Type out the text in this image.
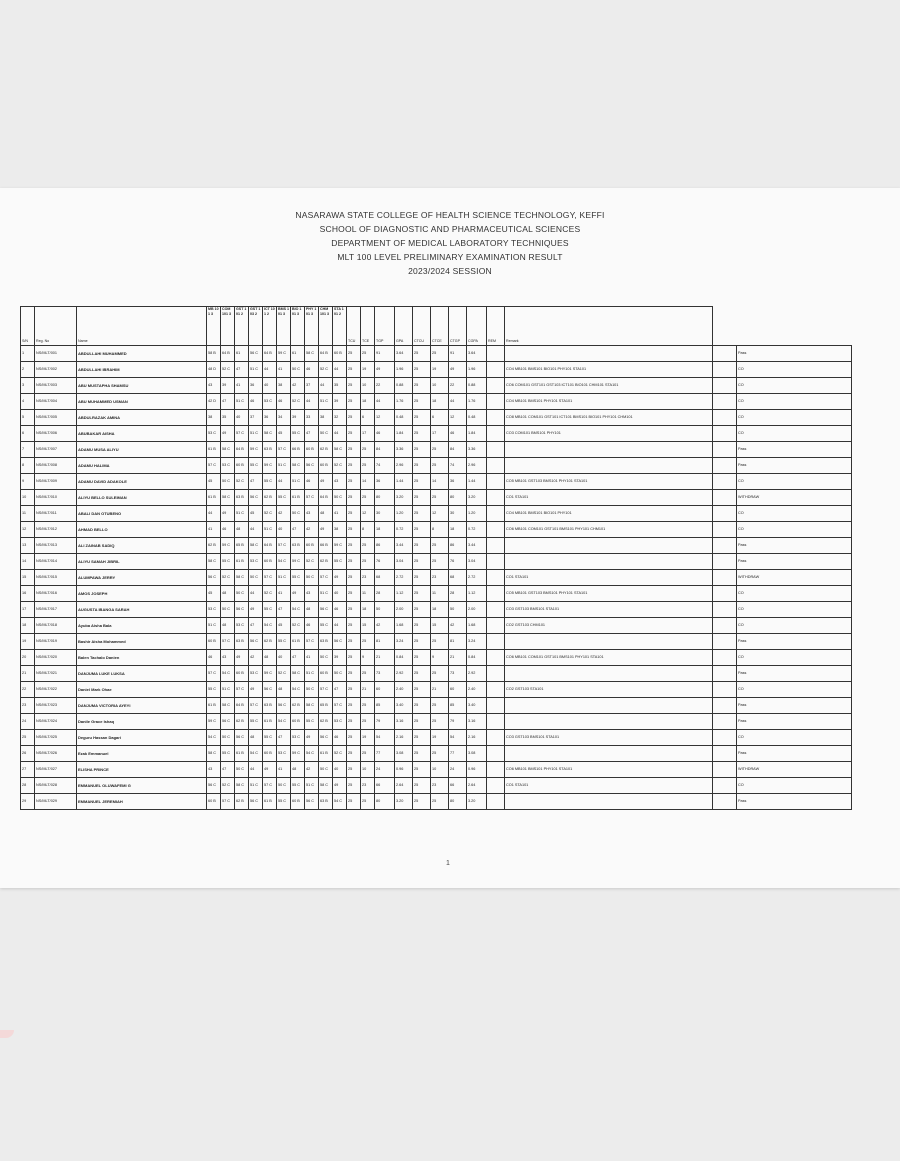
NASARAWA STATE COLLEGE OF HEALTH SCIENCE TECHNOLOGY, KEFFI
SCHOOL OF DIAGNOSTIC AND PHARMACEUTICAL SCIENCES
DEPARTMENT OF MEDICAL LABORATORY TECHNIQUES
MLT 100 LEVEL PRELIMINARY EXAMINATION RESULT
2023/2024 SESSION
S/N	Reg. No	Name	MB 101 3	COM 101 3	GST 101 2	GST 103 2	ICT 101 2	BMS 101 3	BIO 101 3	PHY 101 3	CHM 101 3	STA 101 2	TCU	TCE	TGP	GPA	CTCU	CTCE	CTGP	CGPA	REM	Remark		
1	NS/MLT/001	ABDULLAHI MUHAMMED	58 B	64 B	61	56 C	64 B	59 C	61	58 C	64 B	60 B	25	25	91	3.64	25	25	91	3.64				Pass
2	NS/MLT/002	ABDULLAHI IBRAHIM	48 D	52 C	47	51 C	44	41	50 C	46	52 C	44	25	19	49	1.96	25	19	49	1.96		CO4 MB101 BMS101 BIO101 PHY101 STA101		CO
3	NS/MLT/003	ABU MUSTAPHA SHAMSU	43	39	41	36	40	38	42	37	44	35	25	10	22	0.88	25	10	22	0.88		CO6 COM101 GST101 GST103 ICT101 BIO101 CHM101 STA101		CO
4	NS/MLT/004	ABU MUHAMMED USMAN	42 D	47	51 C	46	53 C	46	52 C	44	51 C	39	25	18	44	1.76	25	18	44	1.76		CO4 MB101 BMS101 PHY101 STA101		CO
5	NS/MLT/005	ABDULRAZAK AMINA	38	35	40	37	36	34	39	33	38	32	25	6	12	0.48	25	6	12	0.48		CO8 MB101 COM101 GST101 ICT101 BMS101 BIO101 PHY101 CHM101		CO
6	NS/MLT/006	ABUBAKAR AISHA	53 C	49	57 C	51 C	58 C	45	55 C	47	50 C	44	25	17	46	1.84	25	17	46	1.84		CO3 COM101 BMS101 PHY101		CO
7	NS/MLT/007	ADAMU MUSA ALIYU	61 B	58 C	64 B	59 C	63 B	57 C	66 B	60 B	62 B	58 C	25	25	84	3.36	25	25	84	3.36				Pass
8	NS/MLT/008	ADAMU HALIMA	57 C	53 C	60 B	55 C	59 C	51 C	58 C	56 C	60 B	52 C	25	25	74	2.96	25	25	74	2.96				Pass
9	NS/MLT/009	ADAMU DAVID ADAKOLE	45	50 C	52 C	47	55 C	44	51 C	46	49	43	25	14	36	1.44	25	14	36	1.44		CO5 MB101 GST103 BMS101 PHY101 STA101		CO
10	NS/MLT/010	ALIYU BELLO SULEIMAN	61 B	58 C	63 B	56 C	62 B	55 C	61 B	57 C	64 B	50 C	25	25	80	3.20	25	25	80	3.20		CO1 STA101		WITHDRAW
11	NS/MLT/011	ABALI DAN OTUBENO	44	49	51 C	45	52 C	42	50 C	43	48	41	25	12	30	1.20	25	12	30	1.20		CO4 MB101 BMS101 BIO101 PHY101		CO
12	NS/MLT/012	AHMAD BELLO	41	46	48	44	51 C	40	47	42	49	38	25	8	18	0.72	25	8	18	0.72		CO6 MB101 COM101 GST101 BMS101 PHY101 CHM101		CO
13	NS/MLT/013	ALI ZAINAB SADIQ	62 B	59 C	65 B	58 C	64 B	57 C	63 B	60 B	66 B	59 C	25	25	86	3.44	25	25	86	3.44				Pass
14	NS/MLT/014	ALIYU SAMAH JIBRIL	58 C	55 C	61 B	53 C	60 B	54 C	59 C	52 C	62 B	55 C	25	25	76	3.04	25	25	76	3.04				Pass
15	NS/MLT/015	ALUMPAWA JERRY	56 C	52 C	58 C	50 C	57 C	51 C	55 C	50 C	57 C	49	25	23	68	2.72	25	23	68	2.72		CO1 STA101		WITHDRAW
16	NS/MLT/016	AMOS JOSEPH	45	48	50 C	44	52 C	41	49	43	51 C	40	25	11	28	1.12	25	11	28	1.12		CO5 MB101 GST103 BMS101 PHY101 STA101		CO
17	NS/MLT/017	AUGUSTA IBANGA SARAH	53 C	50 C	56 C	49	55 C	47	54 C	48	56 C	46	25	18	50	2.00	25	18	50	2.00		CO3 GST103 BMS101 STA101		CO
18	NS/MLT/018	Ayuba Aisha Bala	51 C	48	53 C	47	54 C	45	52 C	46	55 C	44	25	15	42	1.68	25	15	42	1.68		CO2 GST103 CHM101		CO
19	NS/MLT/019	Bashir Aisha Mohammed	60 B	57 C	63 B	56 C	62 B	55 C	61 B	57 C	63 B	56 C	25	25	81	3.24	25	25	81	3.24				Pass
20	NS/MLT/020	Balen Tachalo Danien	46	43	49	42	48	40	47	41	50 C	39	25	9	21	0.84	25	9	21	0.84		CO6 MB101 COM101 GST101 BMS101 PHY101 STA101		CO
21	NS/MLT/021	DANJUMA LUKE LUKSA	57 C	54 C	60 B	53 C	59 C	52 C	58 C	51 C	60 B	50 C	25	25	73	2.92	25	25	73	2.92				Pass
22	NS/MLT/022	Daniel Mark Ohae	55 C	51 C	57 C	49	56 C	48	54 C	50 C	57 C	47	25	21	60	2.40	25	21	60	2.40		CO2 GST103 STA101		CO
23	NS/MLT/023	DANJUMA VICTORIA AYEYI	61 B	58 C	64 B	57 C	63 B	56 C	62 B	58 C	65 B	57 C	25	25	85	3.40	25	25	85	3.40				Pass
24	NS/MLT/024	Danile Grace Ishaq	59 C	56 C	62 B	55 C	61 B	54 C	60 B	55 C	62 B	53 C	25	25	79	3.16	25	25	79	3.16				Pass
25	NS/MLT/025	Deguru Hassan Dagari	54 C	50 C	56 C	48	55 C	47	53 C	49	56 C	46	25	19	54	2.16	25	19	54	2.16		CO3 GST103 BMS101 STA101		CO
26	NS/MLT/026	Ezak Emmanuel	58 C	55 C	61 B	54 C	60 B	53 C	59 C	54 C	61 B	52 C	25	25	77	3.08	25	25	77	3.08				Pass
27	NS/MLT/027	ELISHA PRINCE	43	47	50 C	44	49	41	48	42	50 C	40	25	10	24	0.96	25	10	24	0.96		CO6 MB101 BMS101 PHY101 STA101		WITHDRAW
28	NS/MLT/028	EMMANUEL OLUWAFEMI G	56 C	52 C	58 C	51 C	57 C	50 C	55 C	51 C	58 C	49	25	23	66	2.64	25	23	66	2.64		CO1 STA101		CO
29	NS/MLT/029	EMMANUEL JEREMIAH	60 B	57 C	62 B	56 C	61 B	55 C	60 B	56 C	63 B	54 C	25	25	80	3.20	25	25	80	3.20				Pass
1
